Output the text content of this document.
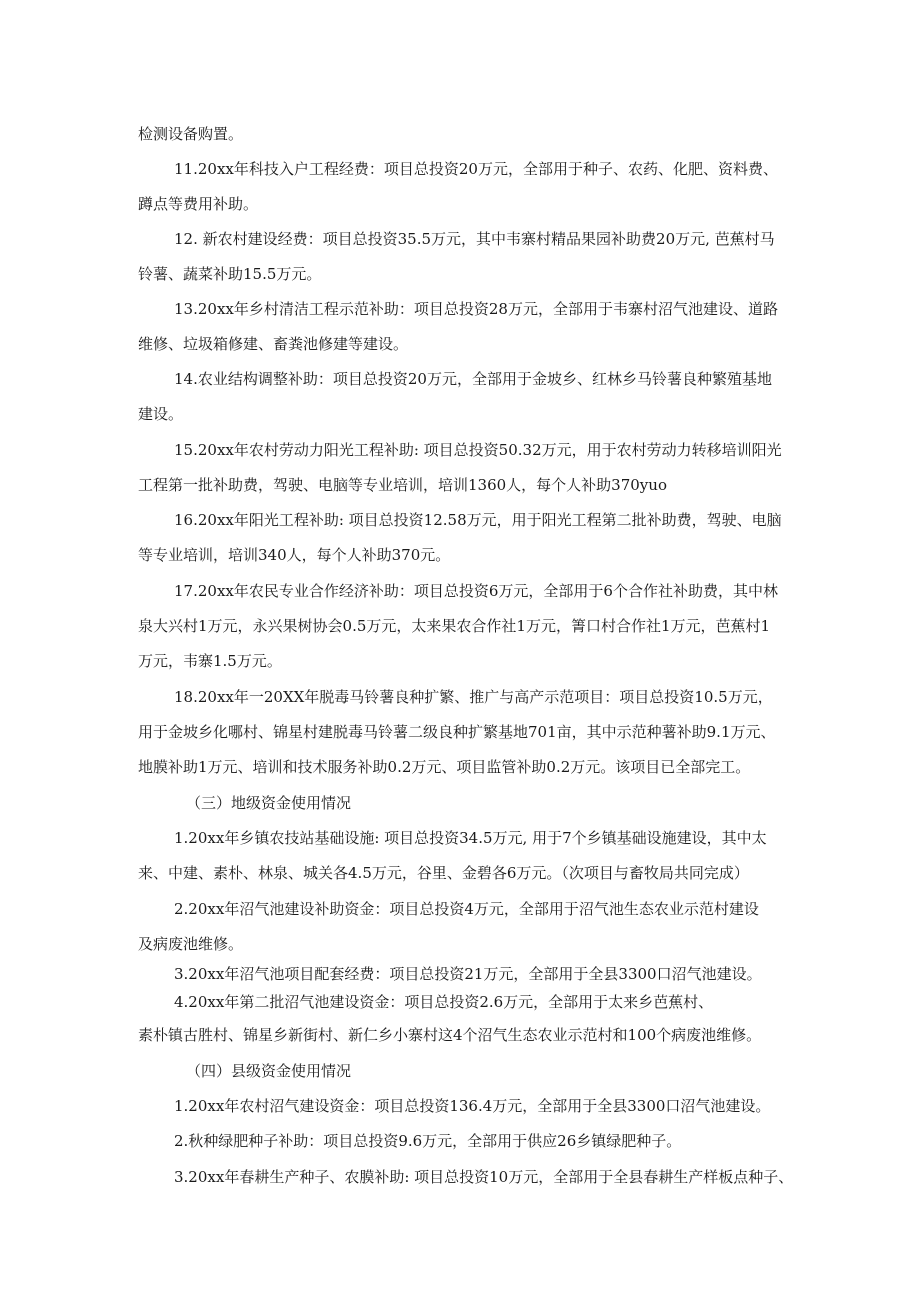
检测设备购置。

11.20xx年科技入户工程经费：项目总投资20万元，全部用于种子、农药、化肥、资料费、
蹲点等费用补助。

12. 新农村建设经费：项目总投资35.5万元，其中韦寨村精品果园补助费20万元, 芭蕉村马
铃薯、蔬菜补助15.5万元。

13.20xx年乡村清洁工程示范补助：项目总投资28万元，全部用于韦寨村沼气池建设、道路
维修、垃圾箱修建、畜粪池修建等建设。

14.农业结构调整补助：项目总投资20万元，全部用于金坡乡、红林乡马铃薯良种繁殖基地
建设。

15.20xx年农村劳动力阳光工程补助: 项目总投资50.32万元，用于农村劳动力转移培训阳光
工程第一批补助费，驾驶、电脑等专业培训，培训1360人，每个人补助370yuo

16.20xx年阳光工程补助: 项目总投资12.58万元，用于阳光工程第二批补助费，驾驶、电脑
等专业培训，培训340人，每个人补助370元。

17.20xx年农民专业合作经济补助：项目总投资6万元，全部用于6个合作社补助费，其中林
泉大兴村1万元，永兴果树协会0.5万元，太来果农合作社1万元，箐口村合作社1万元，芭蕉村1
万元，韦寨1.5万元。

18.20xx年一20XX年脱毒马铃薯良种扩繁、推广与高产示范项目：项目总投资10.5万元，
用于金坡乡化哪村、锦星村建脱毒马铃薯二级良种扩繁基地701亩，其中示范种薯补助9.1万元、
地膜补助1万元、培训和技术服务补助0.2万元、项目监管补助0.2万元。该项目已全部完工。

（三）地级资金使用情况

1.20xx年乡镇农技站基础设施: 项目总投资34.5万元, 用于7个乡镇基础设施建设，其中太
来、中建、素朴、林泉、城关各4.5万元，谷里、金碧各6万元。（次项目与畜牧局共同完成）

2.20xx年沼气池建设补助资金：项目总投资4万元，全部用于沼气池生态农业示范村建设
及病废池维修。

3.20xx年沼气池项目配套经费：项目总投资21万元，全部用于全县3300口沼气池建设。

4.20xx年第二批沼气池建设资金：项目总投资2.6万元，全部用于太来乡芭蕉村、
素朴镇古胜村、锦星乡新街村、新仁乡小寨村这4个沼气生态农业示范村和100个病废池维修。

（四）县级资金使用情况

1.20xx年农村沼气建设资金：项目总投资136.4万元，全部用于全县3300口沼气池建设。

2.秋种绿肥种子补助：项目总投资9.6万元，全部用于供应26乡镇绿肥种子。

3.20xx年春耕生产种子、农膜补助: 项目总投资10万元，全部用于全县春耕生产样板点种子、
